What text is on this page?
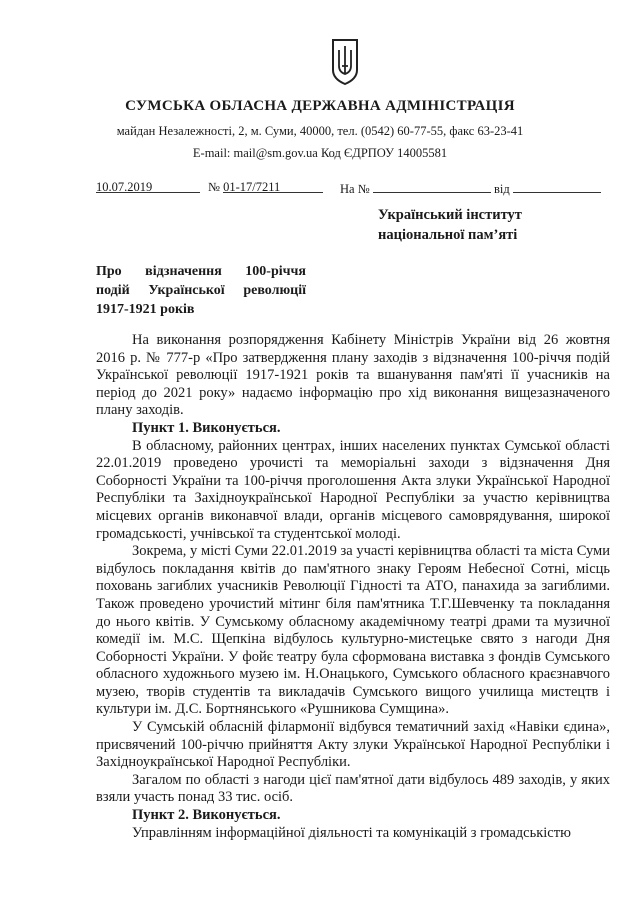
СУМСЬКА ОБЛАСНА ДЕРЖАВНА АДМІНІСТРАЦІЯ
майдан Незалежності, 2, м. Суми, 40000, тел. (0542) 60-77-55, факс 63-23-41
E-mail: mail@sm.gov.ua Код ЄДРПОУ 14005581
10.07.2019	№ 01-17/7211	На №	від
Український інститут
національної пам’яті
Про відзначення 100-річчя
подій Української революції
1917-1921 років

На виконання розпорядження Кабінету Міністрів України від 26 жовтня 2016 р. № 777-р «Про затвердження плану заходів з відзначення 100-річчя подій Української революції 1917-1921 років та вшанування пам'яті її учасників на період до 2021 року» надаємо інформацію про хід виконання вищезазначеного плану заходів.

Пункт 1. Виконується.

В обласному, районних центрах, інших населених пунктах Сумської області 22.01.2019 проведено урочисті та меморіальні заходи з відзначення Дня Соборності України та 100-річчя проголошення Акта злуки Української Народної Республіки та Західноукраїнської Народної Республіки за участю керівництва місцевих органів виконавчої влади, органів місцевого самоврядування, широкої громадськості, учнівської та студентської молоді.

Зокрема, у місті Суми 22.01.2019 за участі керівництва області та міста Суми відбулось покладання квітів до пам'ятного знаку Героям Небесної Сотні, місць поховань загиблих учасників Революції Гідності та АТО, панахида за загиблими. Також проведено урочистий мітинг біля пам'ятника Т.Г.Шевченку та покладання до нього квітів. У Сумському обласному академічному театрі драми та музичної комедії ім. М.С. Щепкіна відбулось культурно-мистецьке свято з нагоди Дня Соборності України. У фойє театру була сформована виставка з фондів Сумського обласного художнього музею ім. Н.Онацького, Сумського обласного краєзнавчого музею, творів студентів та викладачів Сумського вищого училища мистецтв і культури ім. Д.С. Бортнянського «Рушникова Сумщина».

У Сумській обласній філармонії відбувся тематичний захід «Навіки єдина», присвячений 100-річчю прийняття Акту злуки Української Народної Республіки і Західноукраїнської Народної Республіки.

Загалом по області з нагоди цієї пам'ятної дати відбулось 489 заходів, у яких взяли участь понад 33 тис. осіб.

Пункт 2. Виконується.

Управлінням інформаційної діяльності та комунікацій з громадськістю
